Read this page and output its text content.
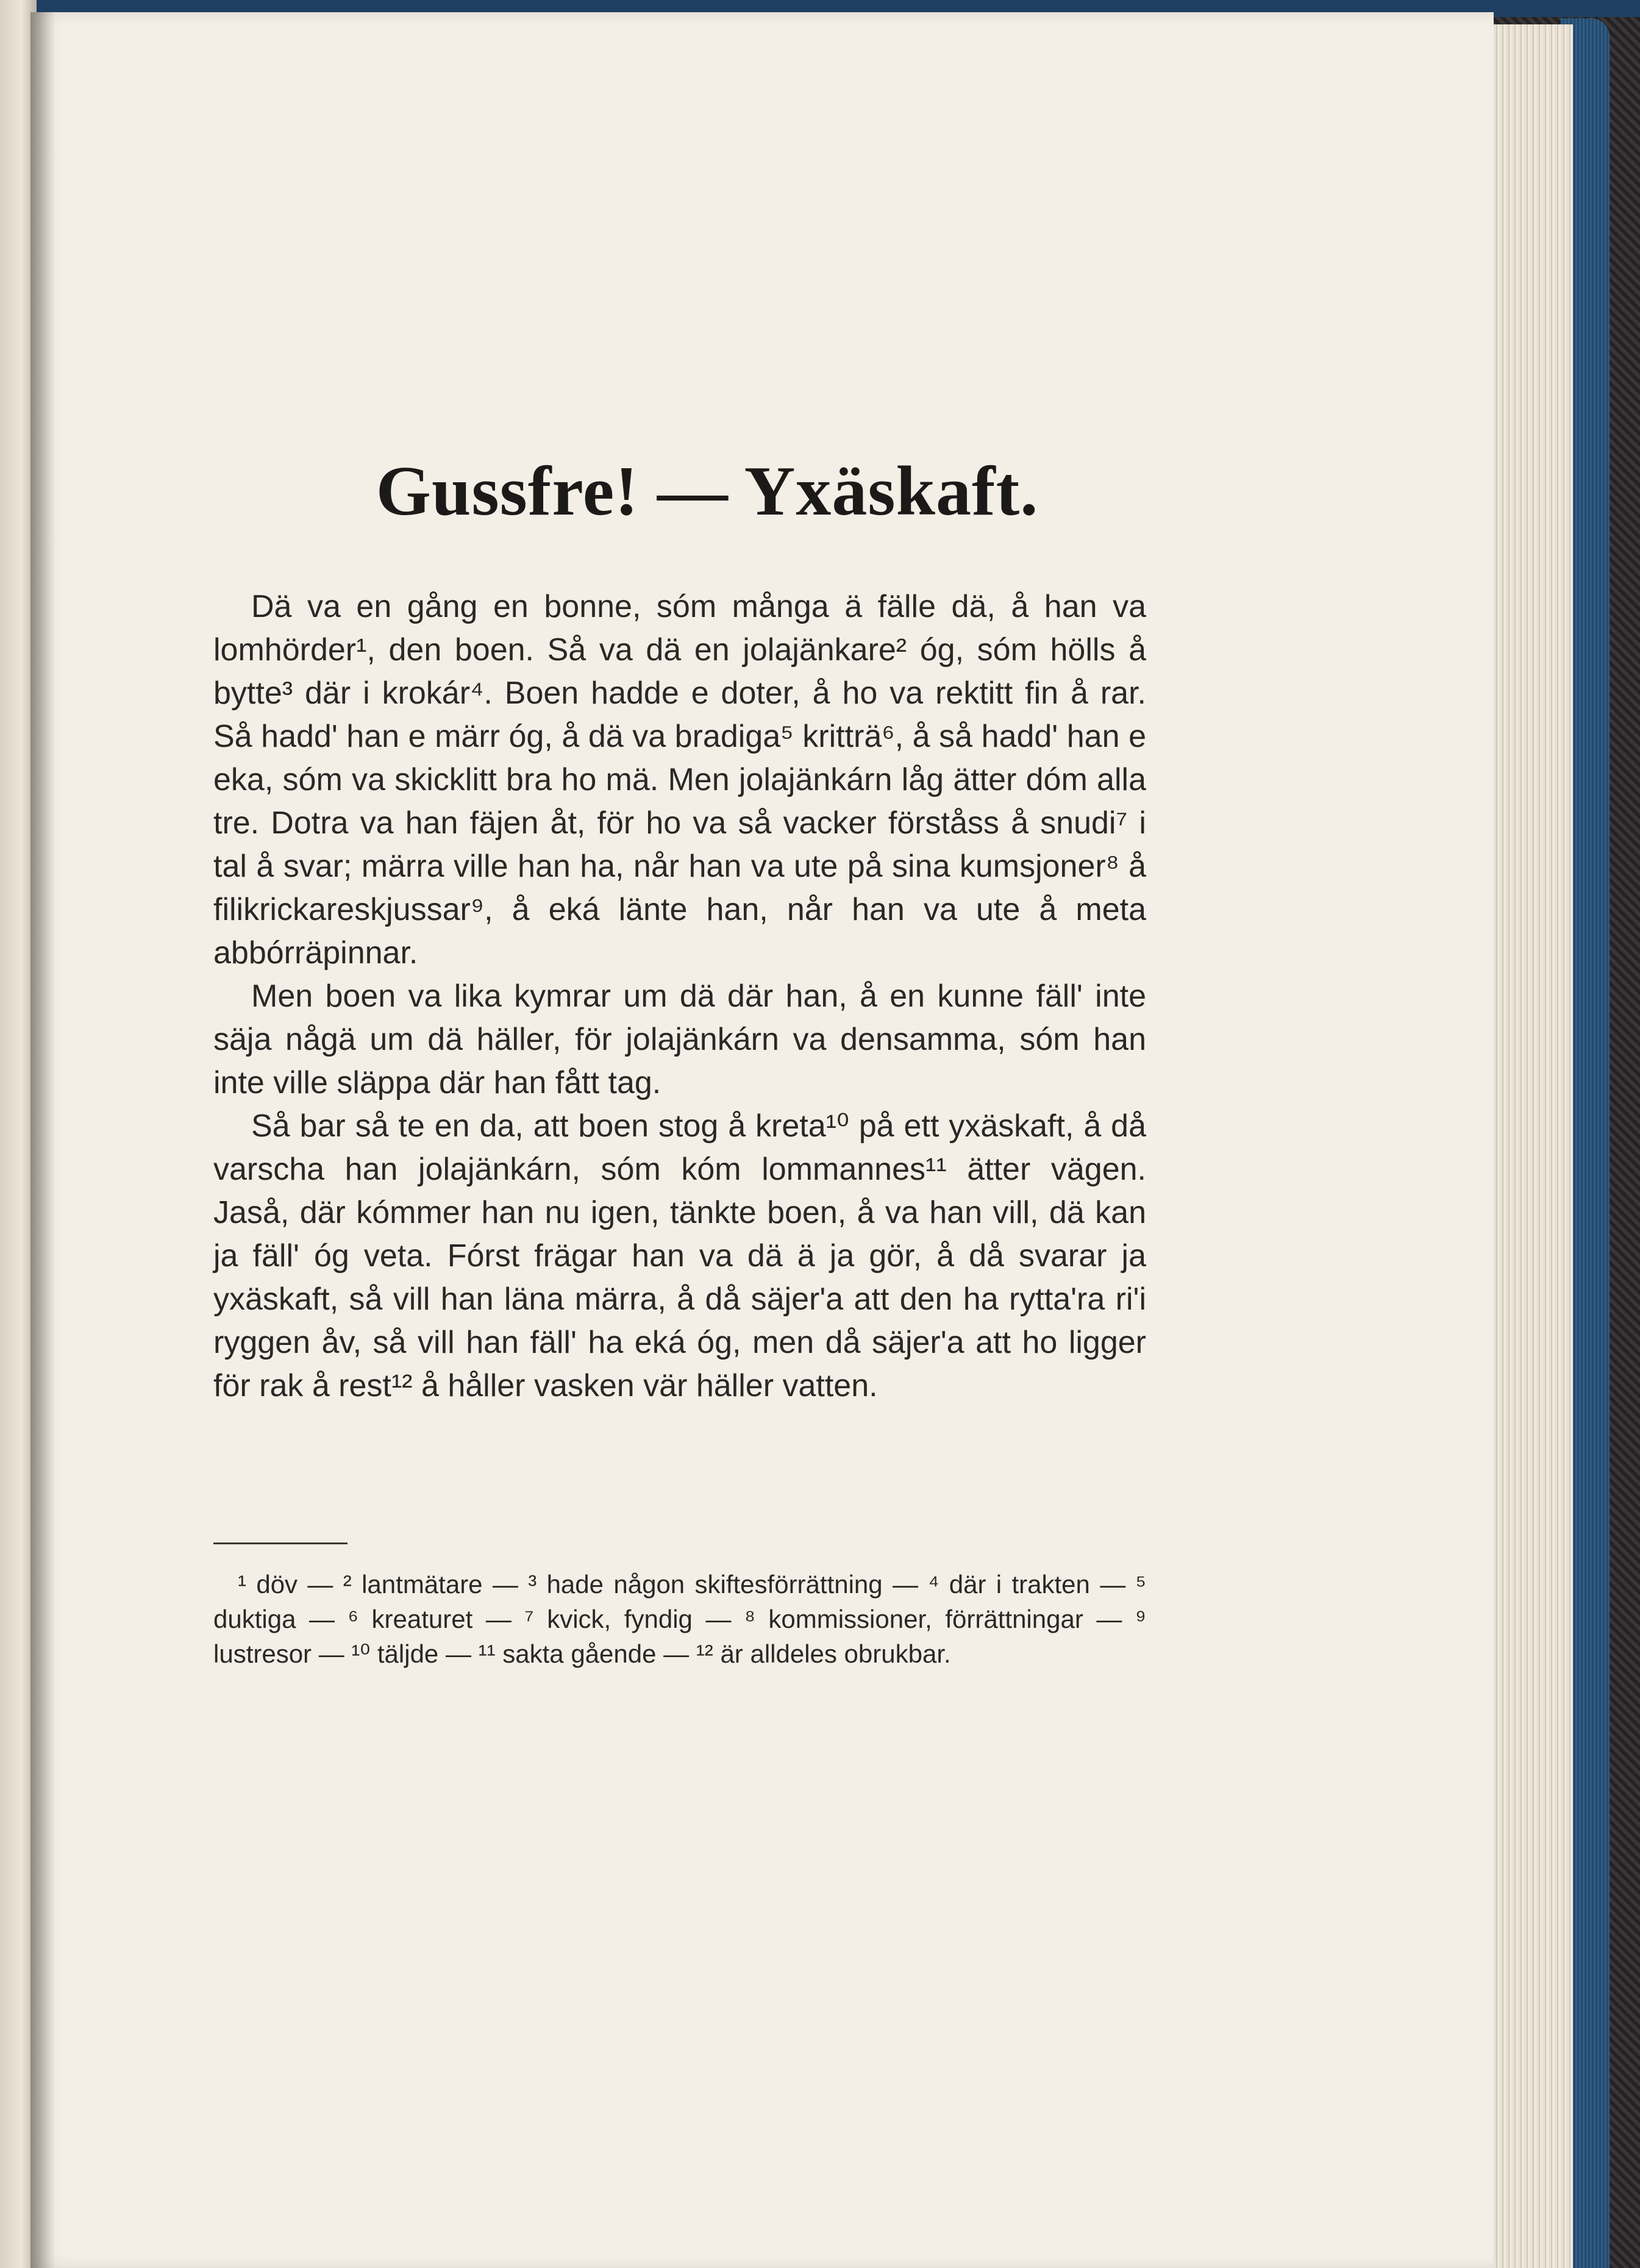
Gussfre! — Yxäskaft.

Dä va en gång en bonne, sóm många ä fälle dä, å han va lomhörder¹, den boen. Så va dä en jolajänkare² óg, sóm hölls å bytte³ där i krokár⁴. Boen hadde e doter, å ho va rektitt fin å rar. Så hadd' han e märr óg, å dä va bradiga⁵ kritträ⁶, å så hadd' han e eka, sóm va skicklitt bra ho mä. Men jolajänkárn låg ätter dóm alla tre. Dotra va han fäjen åt, för ho va så vacker förståss å snudi⁷ i tal å svar; märra ville han ha, når han va ute på sina kumsjoner⁸ å filikrickareskjussar⁹, å eká länte han, når han va ute å meta abbórräpinnar.

Men boen va lika kymrar um dä där han, å en kunne fäll' inte säja någä um dä häller, för jolajänkárn va densamma, sóm han inte ville släppa där han fått tag.

Så bar så te en da, att boen stog å kreta¹⁰ på ett yxäskaft, å då varscha han jolajänkárn, sóm kóm lommannes¹¹ ätter vägen. Jaså, där kómmer han nu igen, tänkte boen, å va han vill, dä kan ja fäll' óg veta. Fórst frägar han va dä ä ja gör, å då svarar ja yxäskaft, så vill han läna märra, å då säjer'a att den ha rytta'ra ri'i ryggen åv, så vill han fäll' ha eká óg, men då säjer'a att ho ligger för rak å rest¹² å håller vasken vär häller vatten.

¹ döv — ² lantmätare — ³ hade någon skiftesförrättning — ⁴ där i trakten — ⁵ duktiga — ⁶ kreaturet — ⁷ kvick, fyndig — ⁸ kommissioner, förrättningar — ⁹ lustresor — ¹⁰ täljde — ¹¹ sakta gående — ¹² är alldeles obrukbar.
